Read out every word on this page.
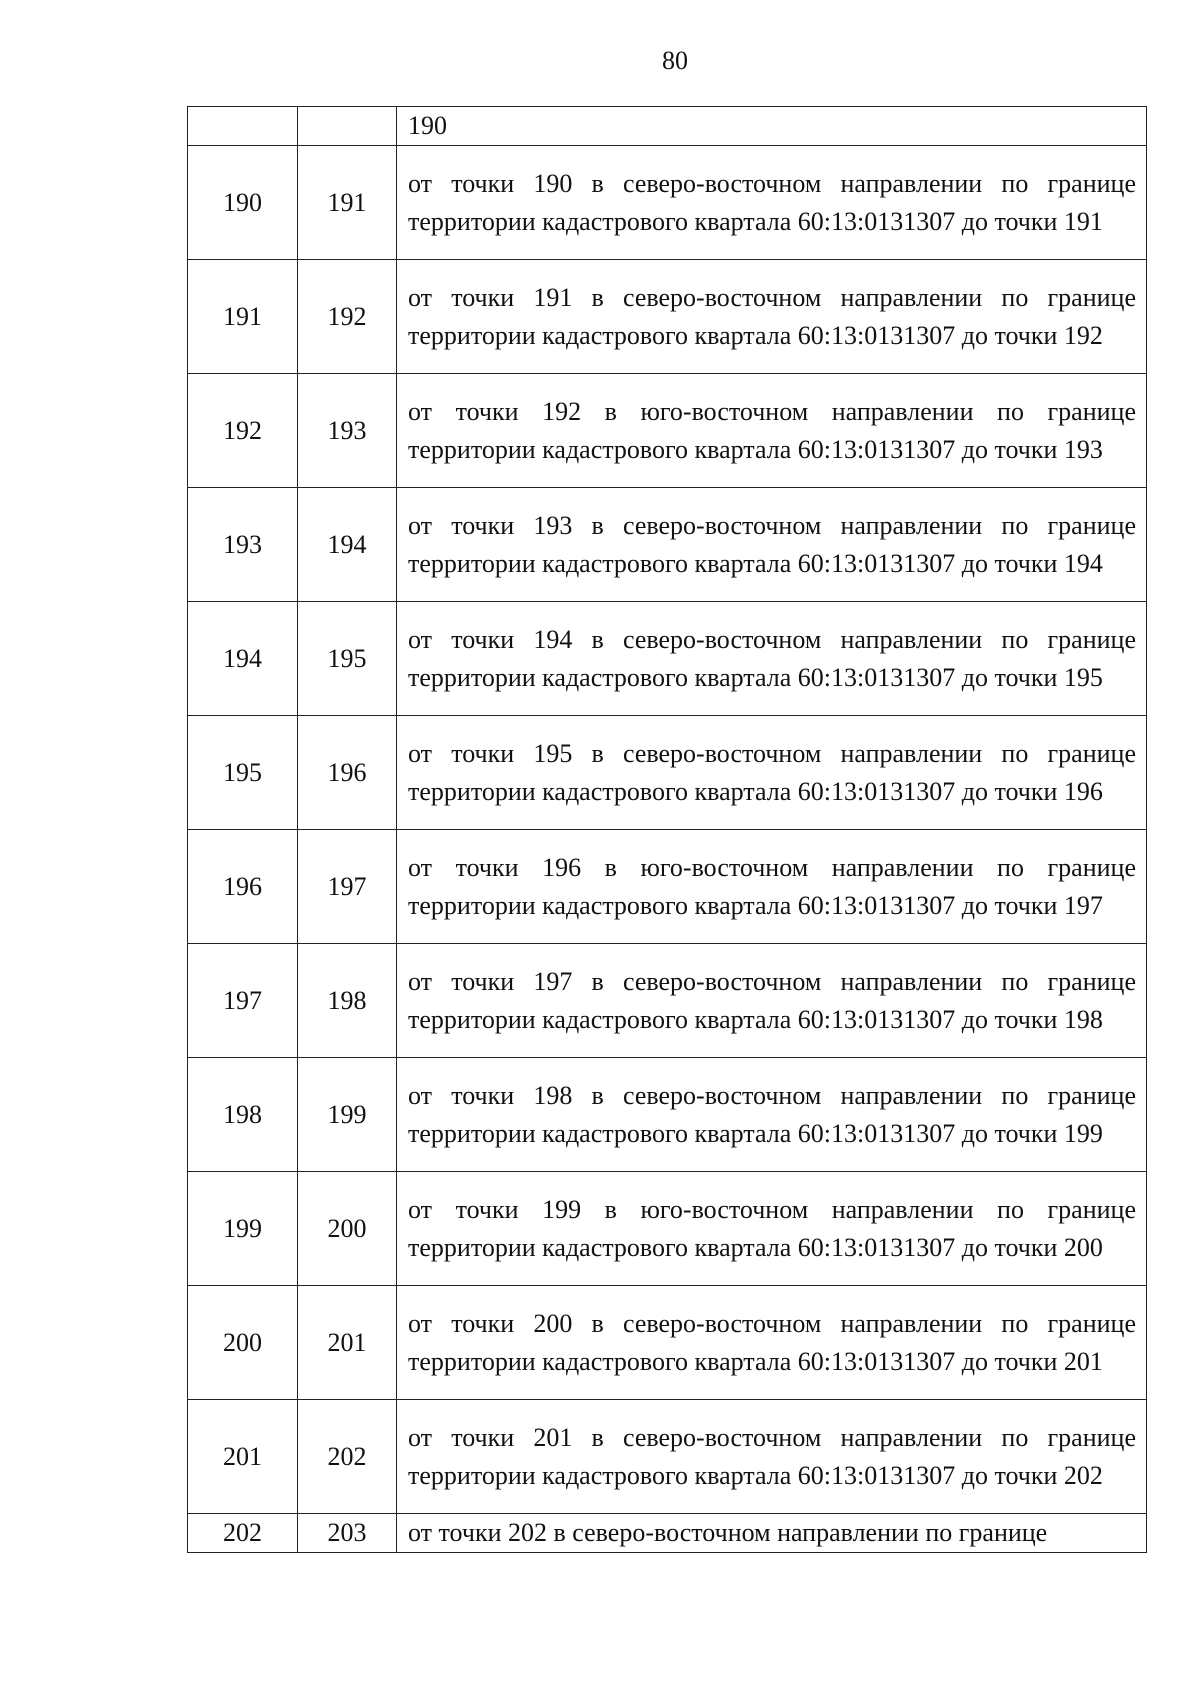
80
		190
190	191	от точки 190 в северо-восточном направлении по границе территории кадастрового квартала 60:13:0131307 до точки 191
191	192	от точки 191 в северо-восточном направлении по границе территории кадастрового квартала 60:13:0131307 до точки 192
192	193	от точки 192 в юго-восточном направлении по границе территории кадастрового квартала 60:13:0131307 до точки 193
193	194	от точки 193 в северо-восточном направлении по границе территории кадастрового квартала 60:13:0131307 до точки 194
194	195	от точки 194 в северо-восточном направлении по границе территории кадастрового квартала 60:13:0131307 до точки 195
195	196	от точки 195 в северо-восточном направлении по границе территории кадастрового квартала 60:13:0131307 до точки 196
196	197	от точки 196 в юго-восточном направлении по границе территории кадастрового квартала 60:13:0131307 до точки 197
197	198	от точки 197 в северо-восточном направлении по границе территории кадастрового квартала 60:13:0131307 до точки 198
198	199	от точки 198 в северо-восточном направлении по границе территории кадастрового квартала 60:13:0131307 до точки 199
199	200	от точки 199 в юго-восточном направлении по границе территории кадастрового квартала 60:13:0131307 до точки 200
200	201	от точки 200 в северо-восточном направлении по границе территории кадастрового квартала 60:13:0131307 до точки 201
201	202	от точки 201 в северо-восточном направлении по границе территории кадастрового квартала 60:13:0131307 до точки 202
202	203	от точки 202 в северо-восточном направлении по границе
